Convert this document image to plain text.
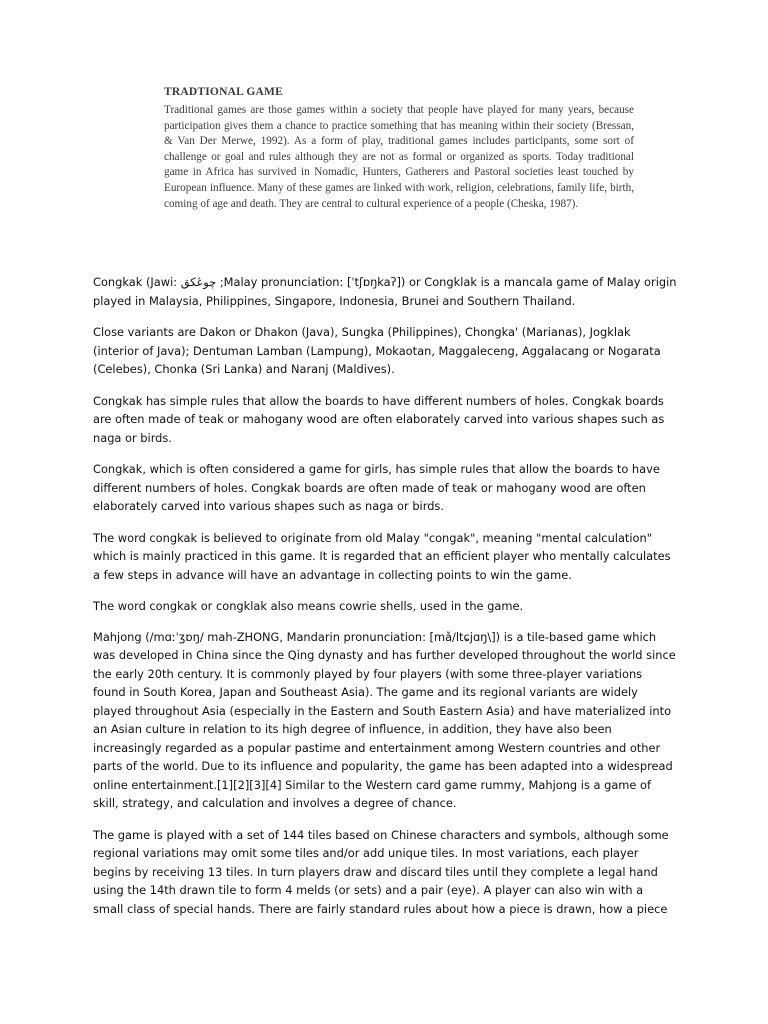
TRADTIONAL GAME

Traditional games are those games within a society that people have played for many years, because participation gives them a chance to practice something that has meaning within their society (Bressan, & Van Der Merwe, 1992). As a form of play, traditional games includes participants, some sort of challenge or goal and rules although they are not as formal or organized as sports. Today traditional game in Africa has survived in Nomadic, Hunters, Gatherers and Pastoral societies least touched by European influence. Many of these games are linked with work, religion, celebrations, family life, birth, coming of age and death. They are central to cultural experience of a people (Cheska, 1987).

Congkak (Jawi: چوڠکق ;Malay pronunciation: [ˈtʃɒŋkaʔ]) or Congklak is a mancala game of Malay origin played in Malaysia, Philippines, Singapore, Indonesia, Brunei and Southern Thailand.

Close variants are Dakon or Dhakon (Java), Sungka (Philippines), Chongka' (Marianas), Jogklak (interior of Java); Dentuman Lamban (Lampung), Mokaotan, Maggaleceng, Aggalacang or Nogarata (Celebes), Chonka (Sri Lanka) and Naranj (Maldives).

Congkak has simple rules that allow the boards to have different numbers of holes. Congkak boards are often made of teak or mahogany wood are often elaborately carved into various shapes such as naga or birds.

Congkak, which is often considered a game for girls, has simple rules that allow the boards to have different numbers of holes. Congkak boards are often made of teak or mahogany wood are often elaborately carved into various shapes such as naga or birds.

The word congkak is believed to originate from old Malay "congak", meaning "mental calculation" which is mainly practiced in this game. It is regarded that an efficient player who mentally calculates a few steps in advance will have an advantage in collecting points to win the game.

The word congkak or congklak also means cowrie shells, used in the game.

Mahjong (/mɑːˈʒɒŋ/ mah-ZHONG, Mandarin pronunciation: [mǎ/ltɕjɑŋ\]) is a tile-based game which was developed in China since the Qing dynasty and has further developed throughout the world since the early 20th century. It is commonly played by four players (with some three-player variations found in South Korea, Japan and Southeast Asia). The game and its regional variants are widely played throughout Asia (especially in the Eastern and South Eastern Asia) and have materialized into an Asian culture in relation to its high degree of influence, in addition, they have also been increasingly regarded as a popular pastime and entertainment among Western countries and other parts of the world. Due to its influence and popularity, the game has been adapted into a widespread online entertainment.[1][2][3][4] Similar to the Western card game rummy, Mahjong is a game of skill, strategy, and calculation and involves a degree of chance.

The game is played with a set of 144 tiles based on Chinese characters and symbols, although some regional variations may omit some tiles and/or add unique tiles. In most variations, each player begins by receiving 13 tiles. In turn players draw and discard tiles until they complete a legal hand using the 14th drawn tile to form 4 melds (or sets) and a pair (eye). A player can also win with a small class of special hands. There are fairly standard rules about how a piece is drawn, how a piece
